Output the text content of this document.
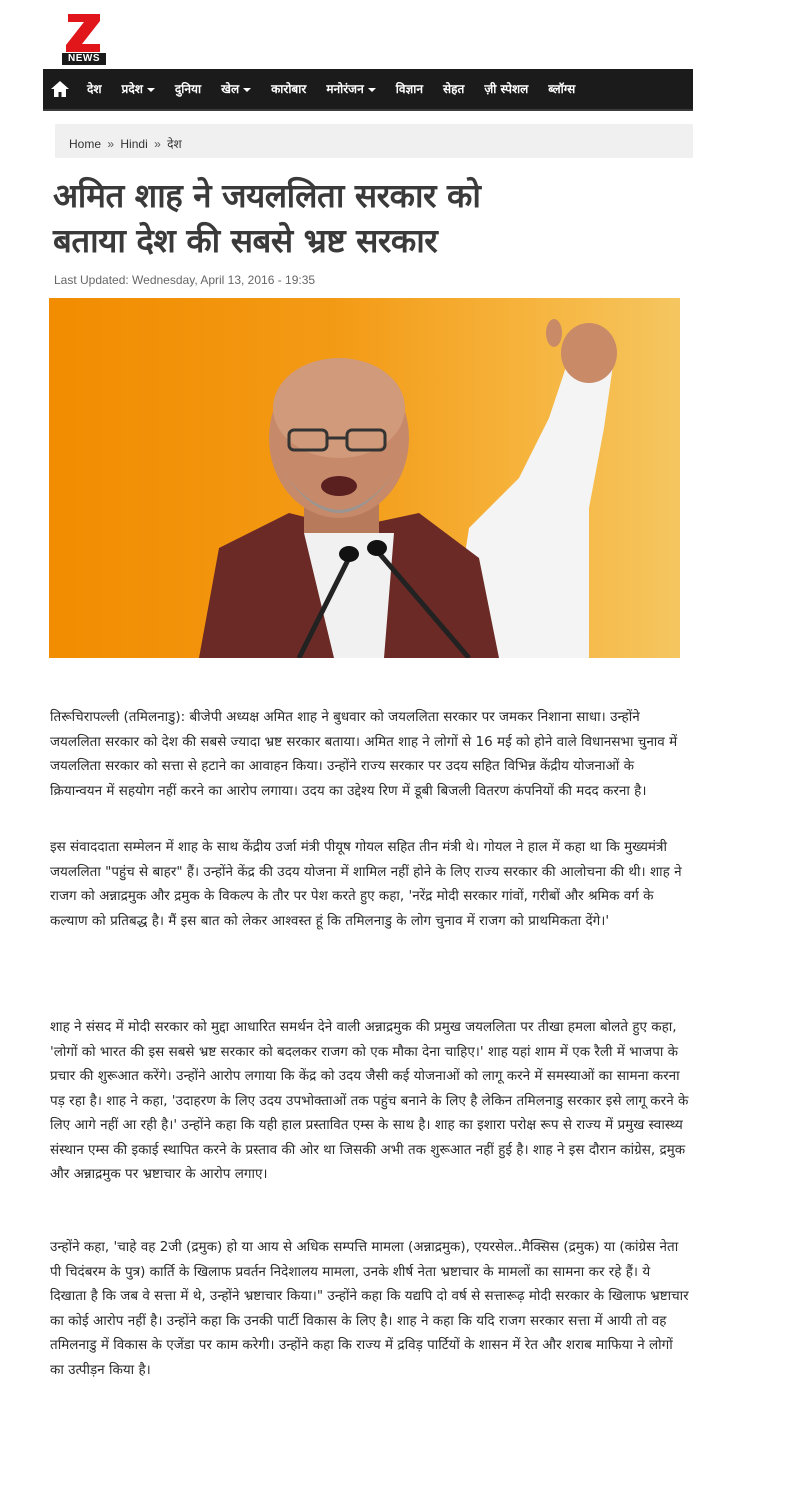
NEWS
देश	प्रदेश	दुनिया	खेल	कारोबार	मनोरंजन	विज्ञान	सेहत	ज़ी स्पेशल	ब्लॉग्स
Home » Hindi » देश
अमित शाह ने जयललिता सरकार को
बताया देश की सबसे भ्रष्ट सरकार
Last Updated: Wednesday, April 13, 2016 - 19:35

तिरूचिरापल्ली (तमिलनाडु): बीजेपी अध्यक्ष अमित शाह ने बुधवार को जयललिता सरकार पर जमकर निशाना साधा। उन्होंने जयललिता सरकार को देश की सबसे ज्यादा भ्रष्ट सरकार बताया। अमित शाह ने लोगों से 16 मई को होने वाले विधानसभा चुनाव में जयललिता सरकार को सत्ता से हटाने का आवाहन किया। उन्होंने राज्य सरकार पर उदय सहित विभिन्न केंद्रीय योजनाओं के क्रियान्वयन में सहयोग नहीं करने का आरोप लगाया। उदय का उद्देश्य रिण में डूबी बिजली वितरण कंपनियों की मदद करना है।

इस संवाददाता सम्मेलन में शाह के साथ केंद्रीय उर्जा मंत्री पीयूष गोयल सहित तीन मंत्री थे। गोयल ने हाल में कहा था कि मुख्यमंत्री जयललिता "पहुंच से बाहर" हैं। उन्होंने केंद्र की उदय योजना में शामिल नहीं होने के लिए राज्य सरकार की आलोचना की थी। शाह ने राजग को अन्नाद्रमुक और द्रमुक के विकल्प के तौर पर पेश करते हुए कहा, 'नरेंद्र मोदी सरकार गांवों, गरीबों और श्रमिक वर्ग के कल्याण को प्रतिबद्ध है। मैं इस बात को लेकर आश्वस्त हूं कि तमिलनाडु के लोग चुनाव में राजग को प्राथमिकता देंगे।'

शाह ने संसद में मोदी सरकार को मुद्दा आधारित समर्थन देने वाली अन्नाद्रमुक की प्रमुख जयललिता पर तीखा हमला बोलते हुए कहा, 'लोगों को भारत की इस सबसे भ्रष्ट सरकार को बदलकर राजग को एक मौका देना चाहिए।' शाह यहां शाम में एक रैली में भाजपा के प्रचार की शुरूआत करेंगे। उन्होंने आरोप लगाया कि केंद्र को उदय जैसी कई योजनाओं को लागू करने में समस्याओं का सामना करना पड़ रहा है। शाह ने कहा, 'उदाहरण के लिए उदय उपभोक्ताओं तक पहुंच बनाने के लिए है लेकिन तमिलनाडु सरकार इसे लागू करने के लिए आगे नहीं आ रही है।' उन्होंने कहा कि यही हाल प्रस्तावित एम्स के साथ है। शाह का इशारा परोक्ष रूप से राज्य में प्रमुख स्वास्थ्य संस्थान एम्स की इकाई स्थापित करने के प्रस्ताव की ओर था जिसकी अभी तक शुरूआत नहीं हुई है। शाह ने इस दौरान कांग्रेस, द्रमुक और अन्नाद्रमुक पर भ्रष्टाचार के आरोप लगाए।

उन्होंने कहा, 'चाहे वह 2जी (द्रमुक) हो या आय से अधिक सम्पत्ति मामला (अन्नाद्रमुक), एयरसेल..मैक्सिस (द्रमुक) या (कांग्रेस नेता पी चिदंबरम के पुत्र) कार्ति के खिलाफ प्रवर्तन निदेशालय मामला, उनके शीर्ष नेता भ्रष्टाचार के मामलों का सामना कर रहे हैं। ये दिखाता है कि जब वे सत्ता में थे, उन्होंने भ्रष्टाचार किया।" उन्होंने कहा कि यद्यपि दो वर्ष से सत्तारूढ़ मोदी सरकार के खिलाफ भ्रष्टाचार का कोई आरोप नहीं है। उन्होंने कहा कि उनकी पार्टी विकास के लिए है। शाह ने कहा कि यदि राजग सरकार सत्ता में आयी तो वह तमिलनाडु में विकास के एजेंडा पर काम करेगी। उन्होंने कहा कि राज्य में द्रविड़ पार्टियों के शासन में रेत और शराब माफिया ने लोगों का उत्पीड़न किया है।
